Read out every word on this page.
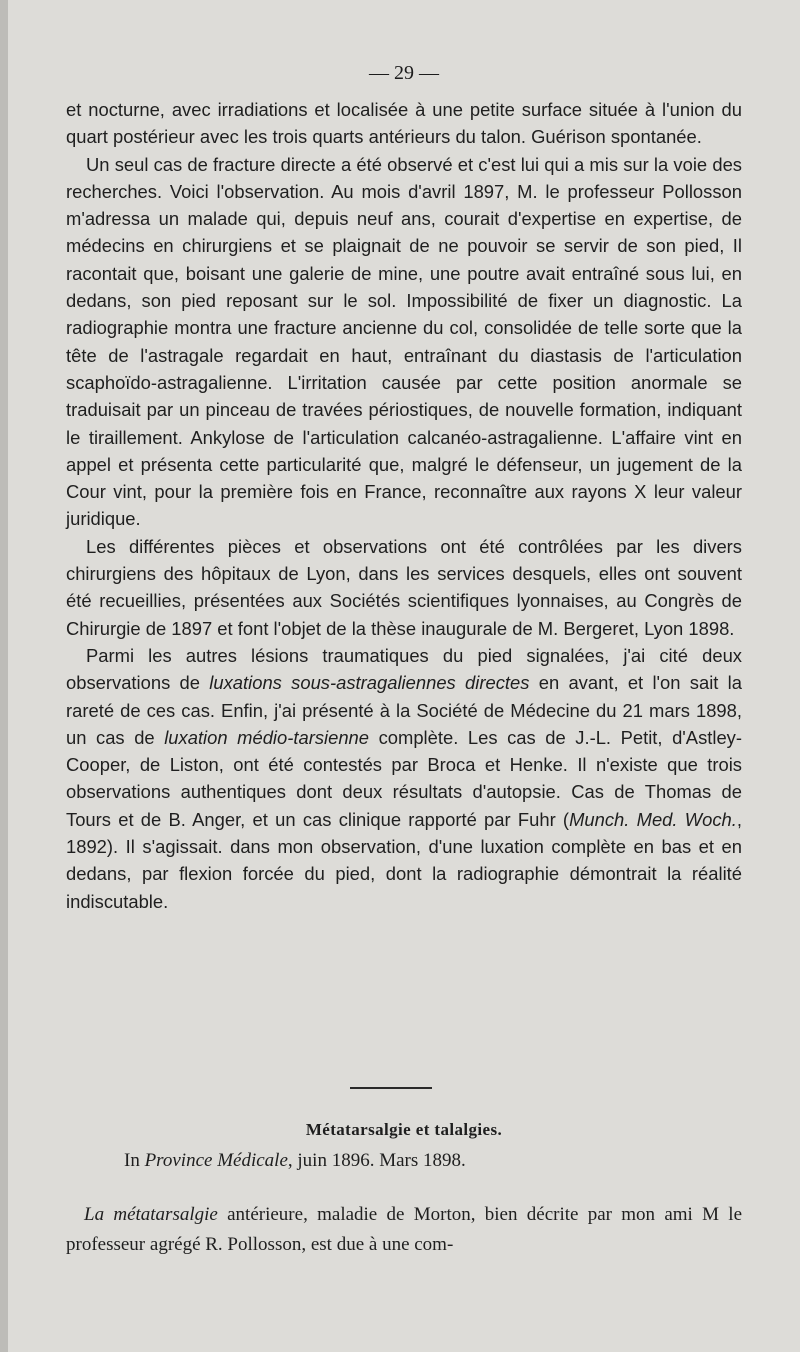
— 29 —

et nocturne, avec irradiations et localisée à une petite surface située à l'union du quart postérieur avec les trois quarts antérieurs du talon. Guérison spontanée.

Un seul cas de fracture directe a été observé et c'est lui qui a mis sur la voie des recherches. Voici l'observation. Au mois d'avril 1897, M. le professeur Pollosson m'adressa un malade qui, depuis neuf ans, courait d'expertise en expertise, de médecins en chirurgiens et se plaignait de ne pouvoir se servir de son pied, Il racontait que, boisant une galerie de mine, une poutre avait entraîné sous lui, en dedans, son pied reposant sur le sol. Impossibilité de fixer un diagnostic. La radiographie montra une fracture ancienne du col, consolidée de telle sorte que la tête de l'astragale regardait en haut, entraînant du diastasis de l'articulation scaphoïdo-astragalienne. L'irritation causée par cette position anormale se traduisait par un pinceau de travées périostiques, de nouvelle formation, indiquant le tiraillement. Ankylose de l'articulation calcanéo-astragalienne. L'affaire vint en appel et présenta cette particularité que, malgré le défenseur, un jugement de la Cour vint, pour la première fois en France, reconnaître aux rayons X leur valeur juridique.

Les différentes pièces et observations ont été contrôlées par les divers chirurgiens des hôpitaux de Lyon, dans les services desquels, elles ont souvent été recueillies, présentées aux Sociétés scientifiques lyonnaises, au Congrès de Chirurgie de 1897 et font l'objet de la thèse inaugurale de M. Bergeret, Lyon 1898.

Parmi les autres lésions traumatiques du pied signalées, j'ai cité deux observations de luxations sous-astragaliennes directes en avant, et l'on sait la rareté de ces cas. Enfin, j'ai présenté à la Société de Médecine du 21 mars 1898, un cas de luxation médio-tarsienne complète. Les cas de J.-L. Petit, d'Astley-Cooper, de Liston, ont été contestés par Broca et Henke. Il n'existe que trois observations authentiques dont deux résultats d'autopsie. Cas de Thomas de Tours et de B. Anger, et un cas clinique rapporté par Fuhr (Munch. Med. Woch., 1892). Il s'agissait. dans mon observation, d'une luxation complète en bas et en dedans, par flexion forcée du pied, dont la radiographie démontrait la réalité indiscutable.

Métatarsalgie et talalgies.
In Province Médicale, juin 1896. Mars 1898.

La métatarsalgie antérieure, maladie de Morton, bien décrite par mon ami M le professeur agrégé R. Pollosson, est due à une com-
